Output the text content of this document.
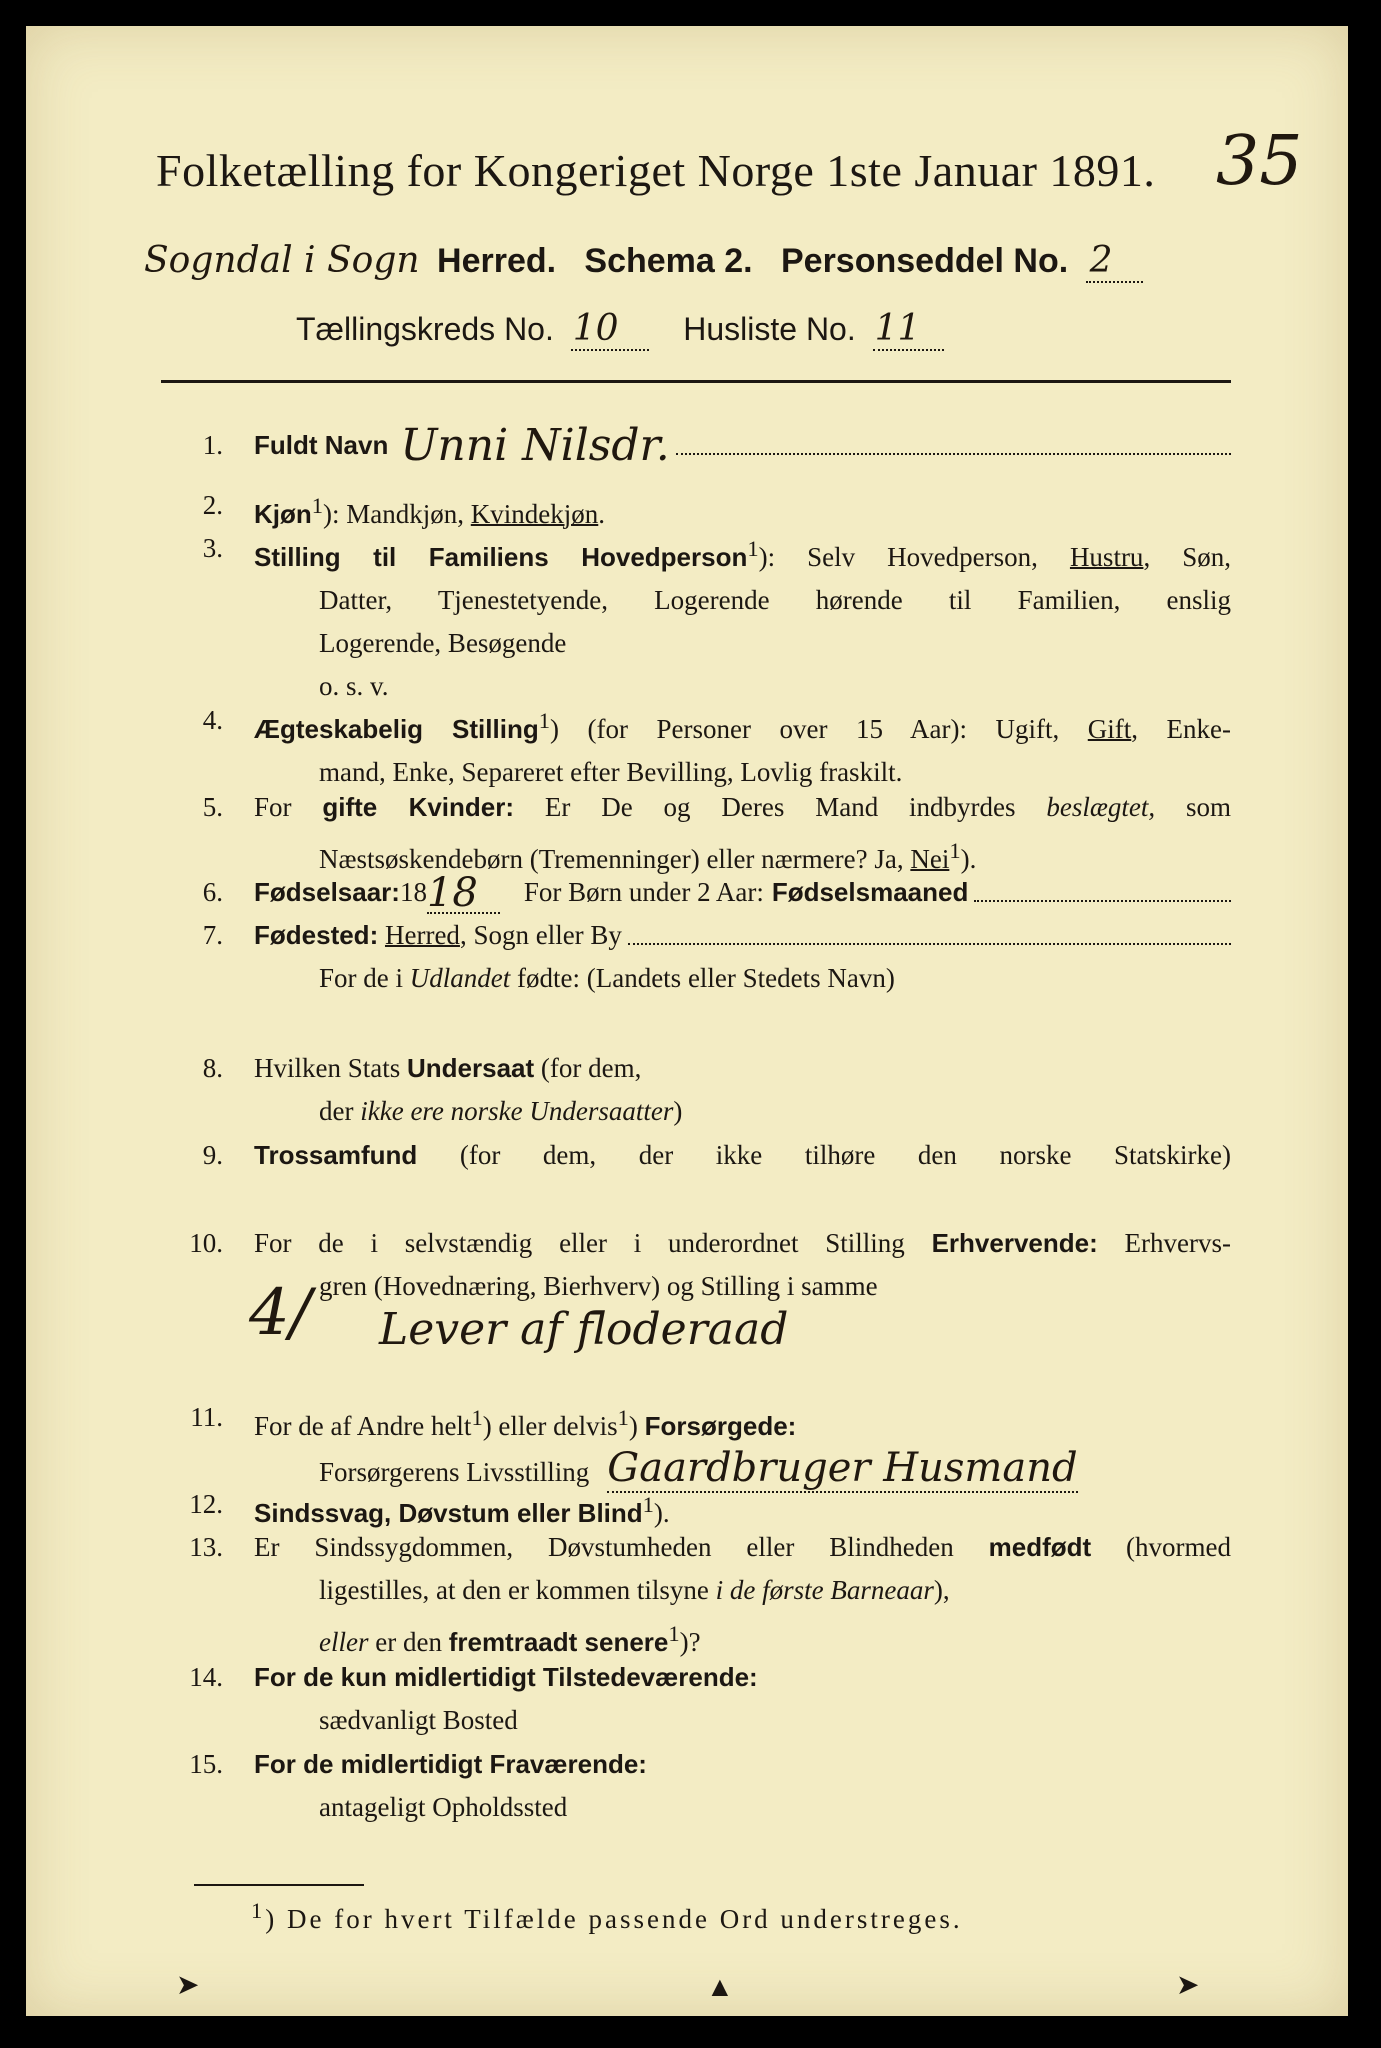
Folketælling for Kongeriget Norge 1ste Januar 1891. 35
Sogndal i Sogn Herred. Schema 2. Personseddel No. 2
Tællingskreds No. 10 Husliste No. 11
1. Fuldt Navn Unni Nilsdr.
2. Kjøn$^1$): Mandkjøn, Kvindekjøn.
3. Stilling til Familiens Hovedperson$^1$): Selv Hovedperson, Hustru, Søn,
Datter, Tjenestetyende, Logerende hørende til Familien, enslig
Logerende, Besøgende
o. s. v.
4. Ægteskabelig Stilling$^1$) (for Personer over 15 Aar): Ugift, Gift, Enke-
mand, Enke, Separeret efter Bevilling, Lovlig fraskilt.
5. For gifte Kvinder: Er De og Deres Mand indbyrdes beslægtet, som
Næstsøskendebørn (Tremenninger) eller nærmere? Ja, Nei$^1$).
6. Fødselsaar: 18 18	For Børn under 2 Aar: Fødselsmaaned
7. Fødested:
Herred , Sogn eller By
For de i Udlandet fødte: (Landets eller Stedets Navn)
8. Hvilken Stats Undersaat (for dem,
der ikke ere norske Undersaatter)
9. Trossamfund (for dem, der ikke tilhøre den norske Statskirke)
10. For de i selvstændig eller i underordnet Stilling Erhvervende: Erhvervs-
gren (Hovednæring, Bierhverv) og Stilling i samme
Lever af fl̄oderaad
4/
11. For de af Andre helt$^1$) eller delvis$^1$) Forsørgede:
Forsørgerens Livsstilling Gaardbruger Husmand
12. Sindssvag, Døvstum eller Blind$^1$).
13. Er Sindssygdommen, Døvstumheden eller Blindheden medfødt (hvormed
ligestilles, at den er kommen tilsyne i de første Barneaar),
eller er den fremtraadt senere$^1$)?
14. For de kun midlertidigt Tilstedeværende:
sædvanligt Bosted
15. For de midlertidigt Fraværende:
antageligt Opholdssted
$^1$) De for hvert Tilfælde passende Ord understreges.
➤	▲	➤
